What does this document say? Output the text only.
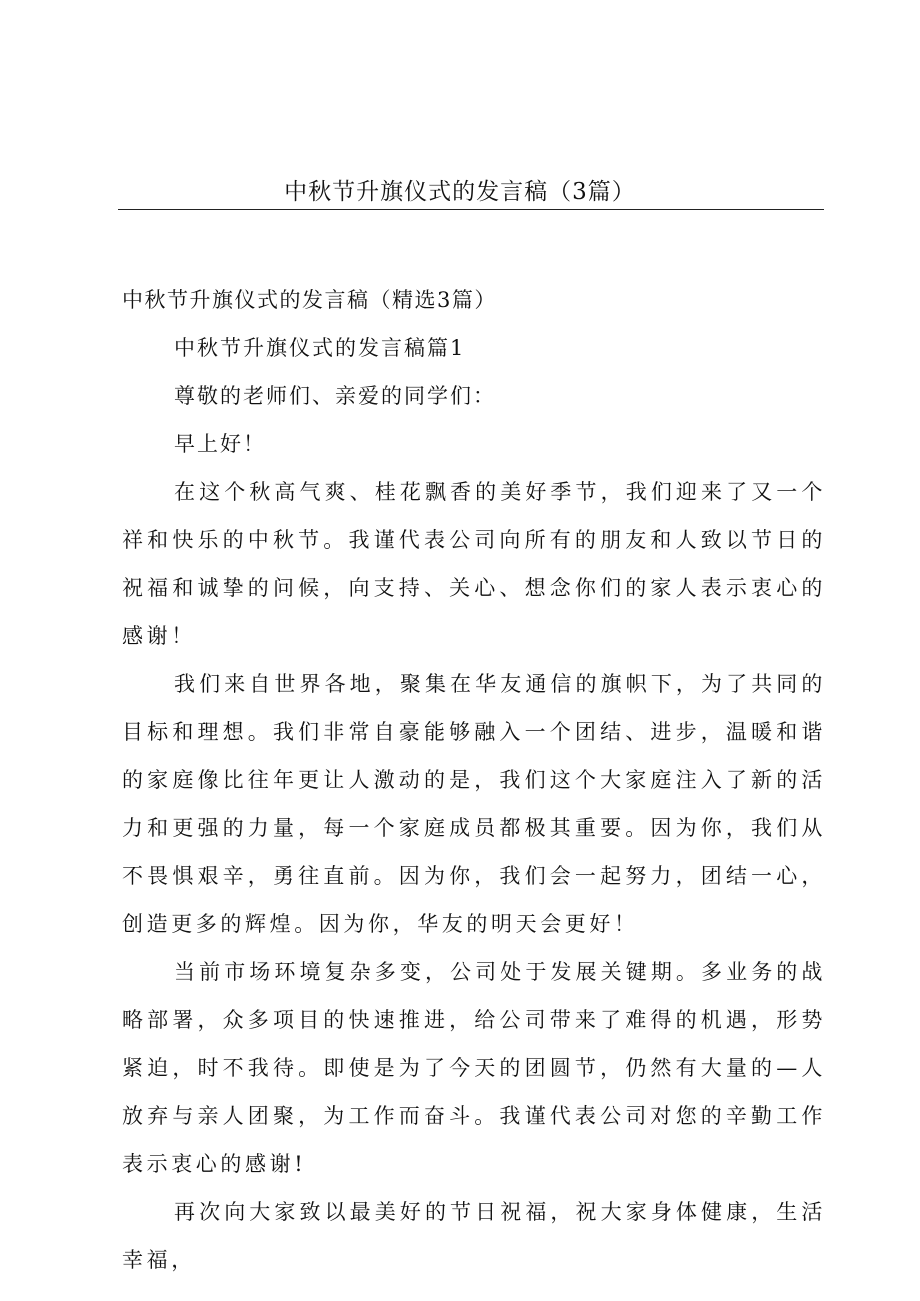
中秋节升旗仪式的发言稿（3篇）

中秋节升旗仪式的发言稿（精选3篇）

中秋节升旗仪式的发言稿篇1

尊敬的老师们、亲爱的同学们：

早上好！

在这个秋高气爽、桂花飘香的美好季节，我们迎来了又一个祥和快乐的中秋节。我谨代表公司向所有的朋友和人致以节日的祝福和诚挚的问候，向支持、关心、想念你们的家人表示衷心的感谢！

我们来自世界各地，聚集在华友通信的旗帜下，为了共同的目标和理想。我们非常自豪能够融入一个团结、进步，温暖和谐的家庭像比往年更让人激动的是，我们这个大家庭注入了新的活力和更强的力量，每一个家庭成员都极其重要。因为你，我们从不畏惧艰辛，勇往直前。因为你，我们会一起努力，团结一心，创造更多的辉煌。因为你，华友的明天会更好！

当前市场环境复杂多变，公司处于发展关键期。多业务的战略部署，众多项目的快速推进，给公司带来了难得的机遇，形势紧迫，时不我待。即使是为了今天的团圆节，仍然有大量的—人放弃与亲人团聚，为工作而奋斗。我谨代表公司对您的辛勤工作表示衷心的感谢!

再次向大家致以最美好的节日祝福，祝大家身体健康，生活幸福，
